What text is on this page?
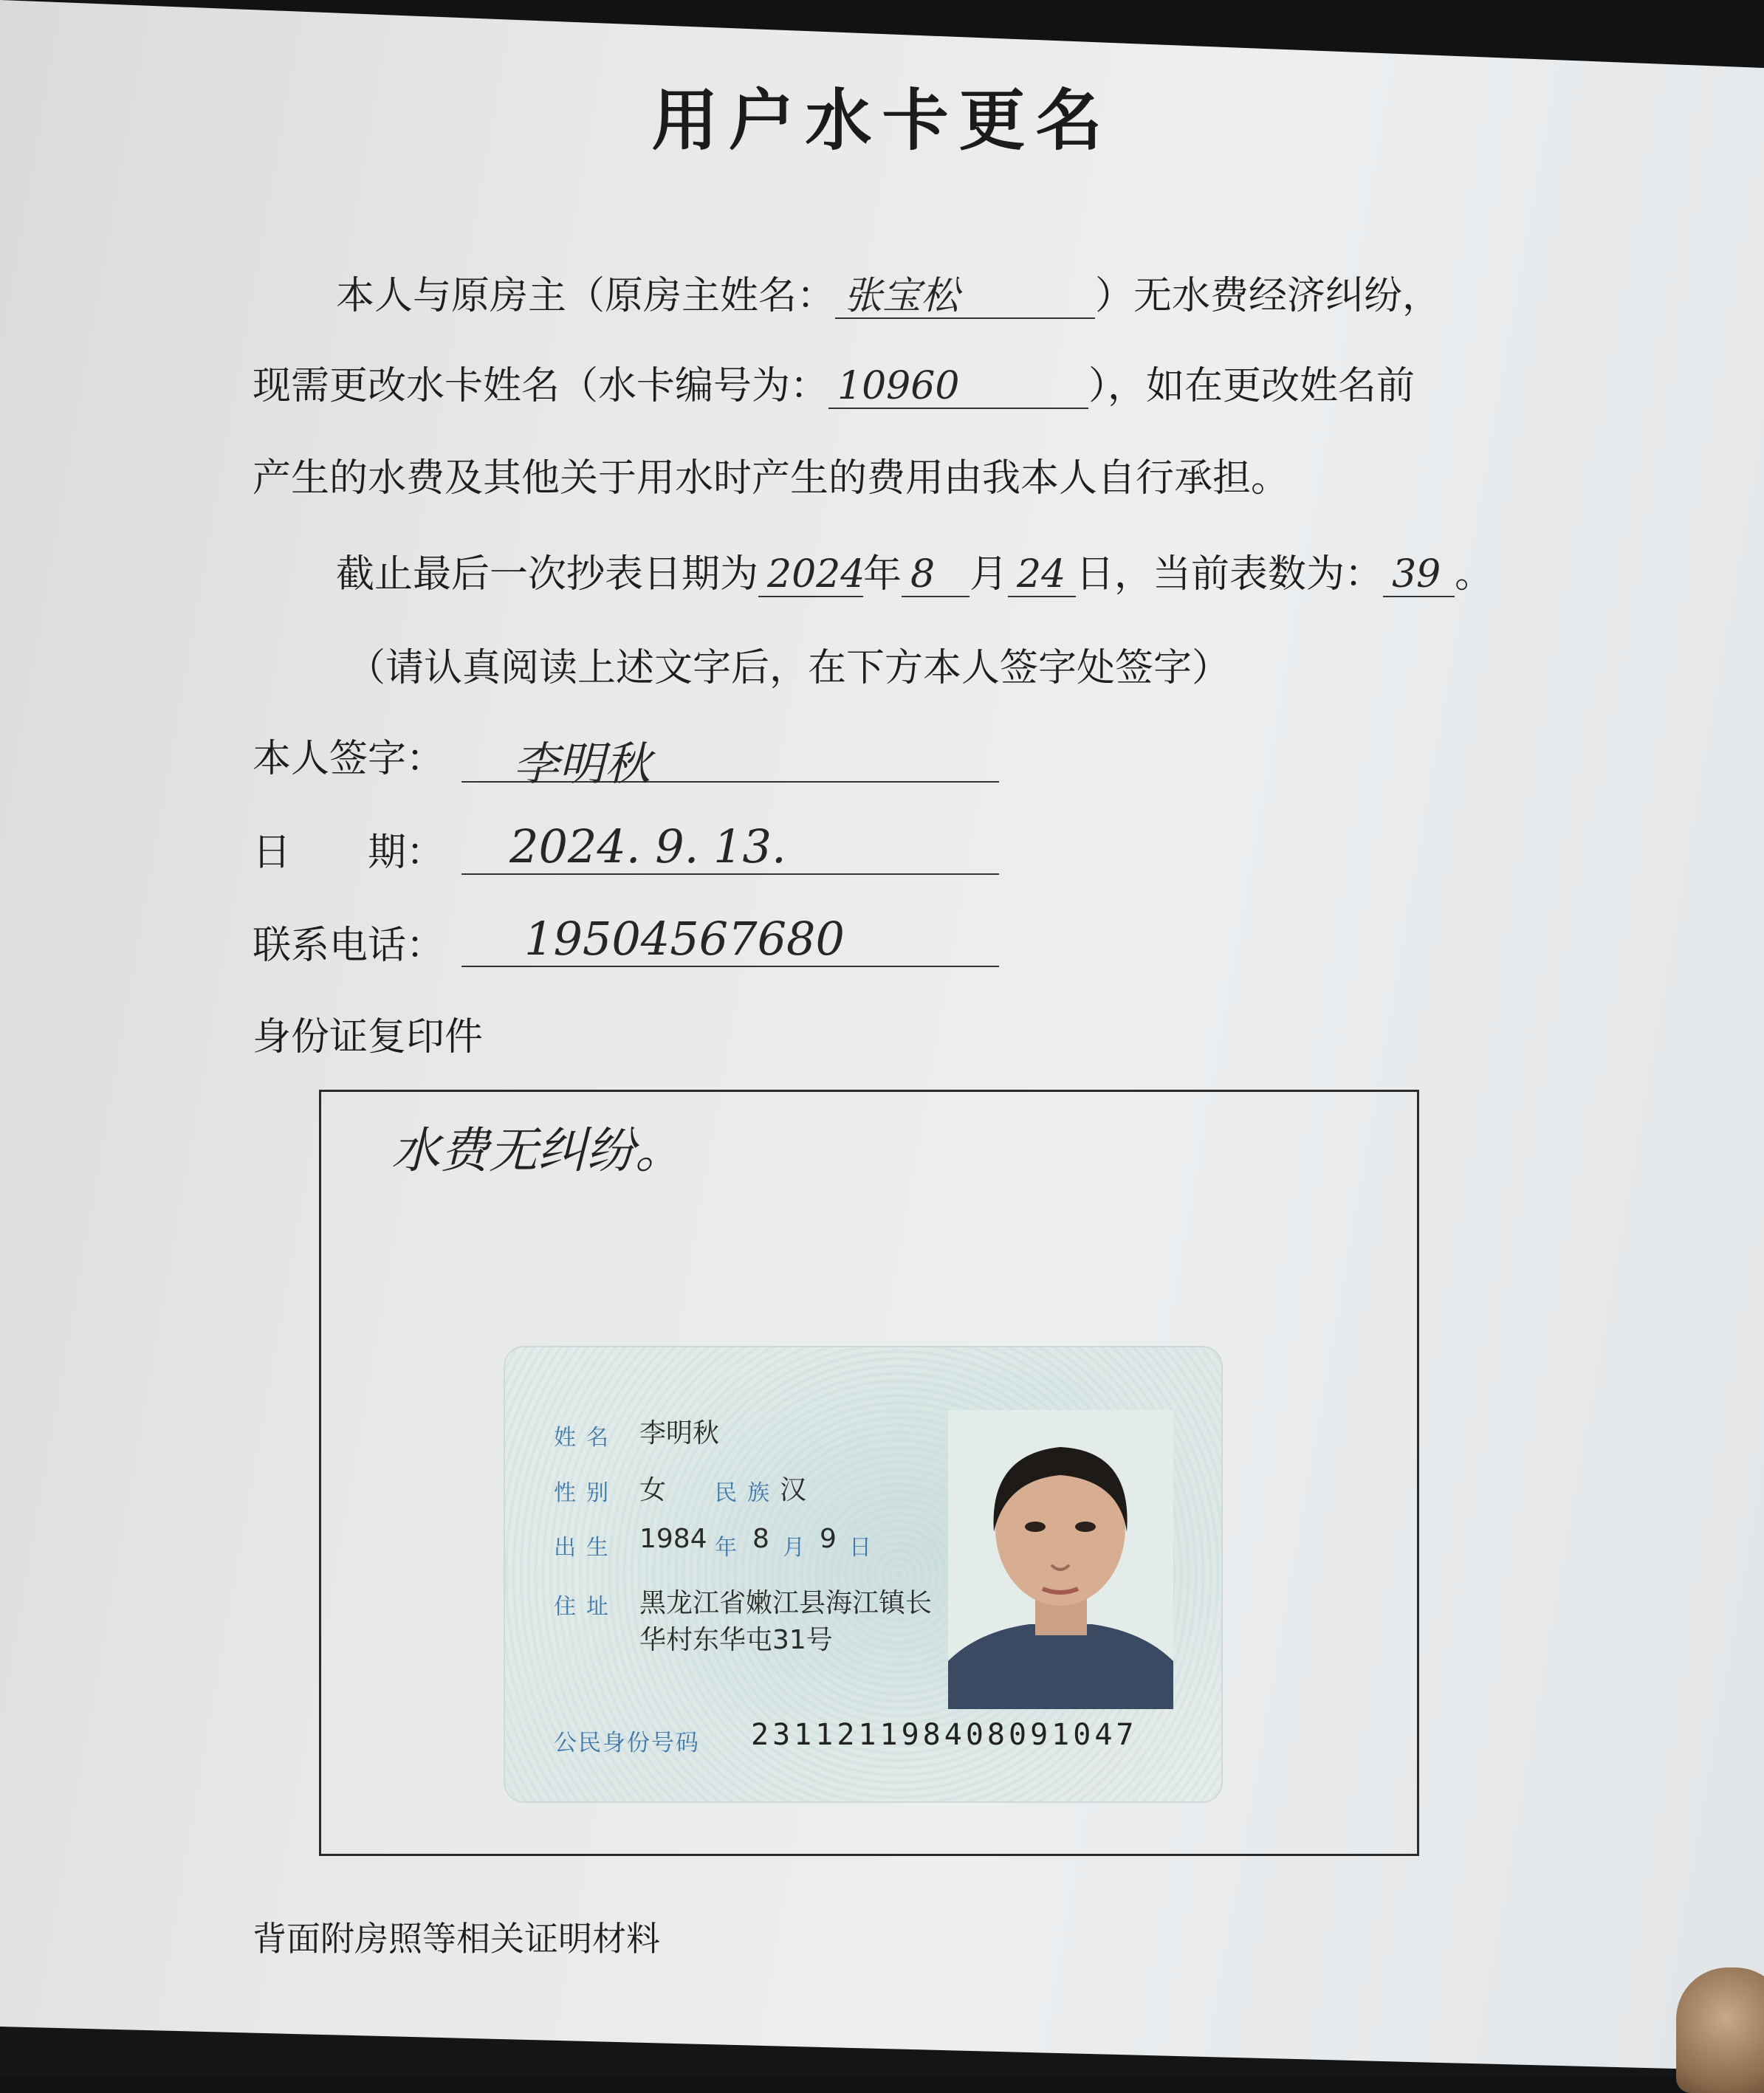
用户水卡更名
本人与原房主（原房主姓名： 张宝松	）无水费经济纠纷，
现需更改水卡姓名（水卡编号为： 10960	），如在更改姓名前
产生的水费及其他关于用水时产生的费用由我本人自行承担。
截止最后一次抄表日期为 2024年 8 月 24 日，当前表数为： 39 。
（请认真阅读上述文字后，在下方本人签字处签字）
本人签字： 李明秋
日　　期： 2024. 9. 13.
联系电话： 19504567680
身份证复印件
水费无纠纷。
姓名 李明秋
性别 女 民族 汉
出生 1984 年 8 月 9 日
住址 黑龙江省嫩江县海江镇长
华村东华屯31号
公民身份号码 231121198408091047
背面附房照等相关证明材料
